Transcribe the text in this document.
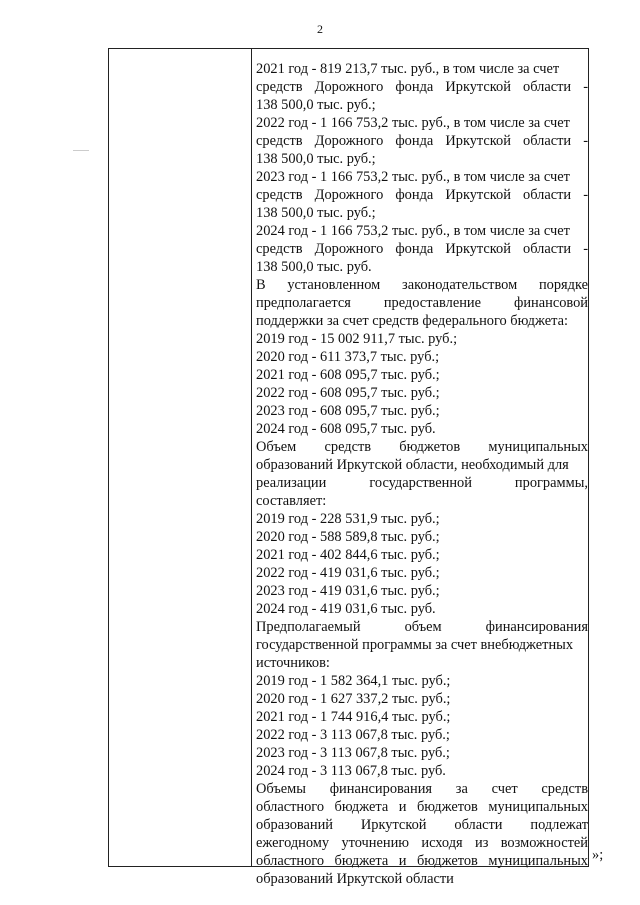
2
2021 год - 819 213,7 тыс. руб., в том числе за счет
средств Дорожного фонда Иркутской области -
138 500,0 тыс. руб.;
2022 год - 1 166 753,2 тыс. руб., в том числе за счет
средств Дорожного фонда Иркутской области -
138 500,0 тыс. руб.;
2023 год - 1 166 753,2 тыс. руб., в том числе за счет
средств Дорожного фонда Иркутской области -
138 500,0 тыс. руб.;
2024 год - 1 166 753,2 тыс. руб., в том числе за счет
средств Дорожного фонда Иркутской области -
138 500,0 тыс. руб.
В установленном законодательством порядке
предполагается предоставление финансовой
поддержки за счет средств федерального бюджета:
2019 год - 15 002 911,7 тыс. руб.;
2020 год - 611 373,7 тыс. руб.;
2021 год - 608 095,7 тыс. руб.;
2022 год - 608 095,7 тыс. руб.;
2023 год - 608 095,7 тыс. руб.;
2024 год - 608 095,7 тыс. руб.
Объем средств бюджетов муниципальных
образований Иркутской области, необходимый для
реализации государственной программы,
составляет:
2019 год - 228 531,9 тыс. руб.;
2020 год - 588 589,8 тыс. руб.;
2021 год - 402 844,6 тыс. руб.;
2022 год - 419 031,6 тыс. руб.;
2023 год - 419 031,6 тыс. руб.;
2024 год - 419 031,6 тыс. руб.
Предполагаемый объем финансирования
государственной программы за счет внебюджетных
источников:
2019 год - 1 582 364,1 тыс. руб.;
2020 год - 1 627 337,2 тыс. руб.;
2021 год - 1 744 916,4 тыс. руб.;
2022 год - 3 113 067,8 тыс. руб.;
2023 год - 3 113 067,8 тыс. руб.;
2024 год - 3 113 067,8 тыс. руб.
Объемы финансирования за счет средств
областного бюджета и бюджетов муниципальных
образований Иркутской области подлежат
ежегодному уточнению исходя из возможностей
областного бюджета и бюджетов муниципальных
образований Иркутской области
»;
